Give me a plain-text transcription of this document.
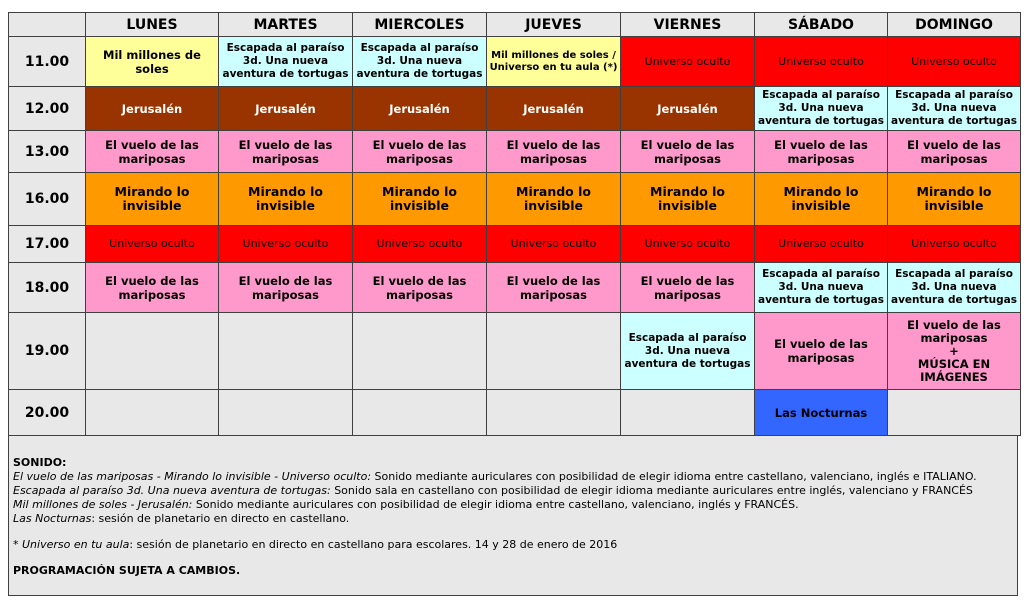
	LUNES	MARTES	MIERCOLES	JUEVES	VIERNES	SÁBADO	DOMINGO
11.00	Mil millones de soles	Escapada al paraíso 3d. Una nueva aventura de tortugas	Escapada al paraíso 3d. Una nueva aventura de tortugas	Mil millones de soles / Universo en tu aula (*)	Universo oculto	Universo oculto	Universo oculto
12.00	Jerusalén	Jerusalén	Jerusalén	Jerusalén	Jerusalén	Escapada al paraíso 3d. Una nueva aventura de tortugas	Escapada al paraíso 3d. Una nueva aventura de tortugas
13.00	El vuelo de las mariposas	El vuelo de las mariposas	El vuelo de las mariposas	El vuelo de las mariposas	El vuelo de las mariposas	El vuelo de las mariposas	El vuelo de las mariposas
16.00	Mirando lo invisible	Mirando lo invisible	Mirando lo invisible	Mirando lo invisible	Mirando lo invisible	Mirando lo invisible	Mirando lo invisible
17.00	Universo oculto	Universo oculto	Universo oculto	Universo oculto	Universo oculto	Universo oculto	Universo oculto
18.00	El vuelo de las mariposas	El vuelo de las mariposas	El vuelo de las mariposas	El vuelo de las mariposas	El vuelo de las mariposas	Escapada al paraíso 3d. Una nueva aventura de tortugas	Escapada al paraíso 3d. Una nueva aventura de tortugas
19.00					Escapada al paraíso 3d. Una nueva aventura de tortugas	El vuelo de las mariposas	El vuelo de las mariposas
+
MÚSICA EN IMÁGENES
20.00						Las Nocturnas	

SONIDO:

El vuelo de las mariposas - Mirando lo invisible - Universo oculto: Sonido mediante auriculares con posibilidad de elegir idioma entre castellano, valenciano, inglés e ITALIANO.

Escapada al paraíso 3d. Una nueva aventura de tortugas: Sonido sala en castellano con posibilidad de elegir idioma mediante auriculares entre inglés, valenciano y FRANCÉS

Mil millones de soles - Jerusalén: Sonido mediante auriculares con posibilidad de elegir idioma entre castellano, valenciano, inglés y FRANCÉS.

Las Nocturnas: sesión de planetario en directo en castellano.

* Universo en tu aula: sesión de planetario en directo en castellano para escolares. 14 y 28 de enero de 2016

PROGRAMACIÓN SUJETA A CAMBIOS.
